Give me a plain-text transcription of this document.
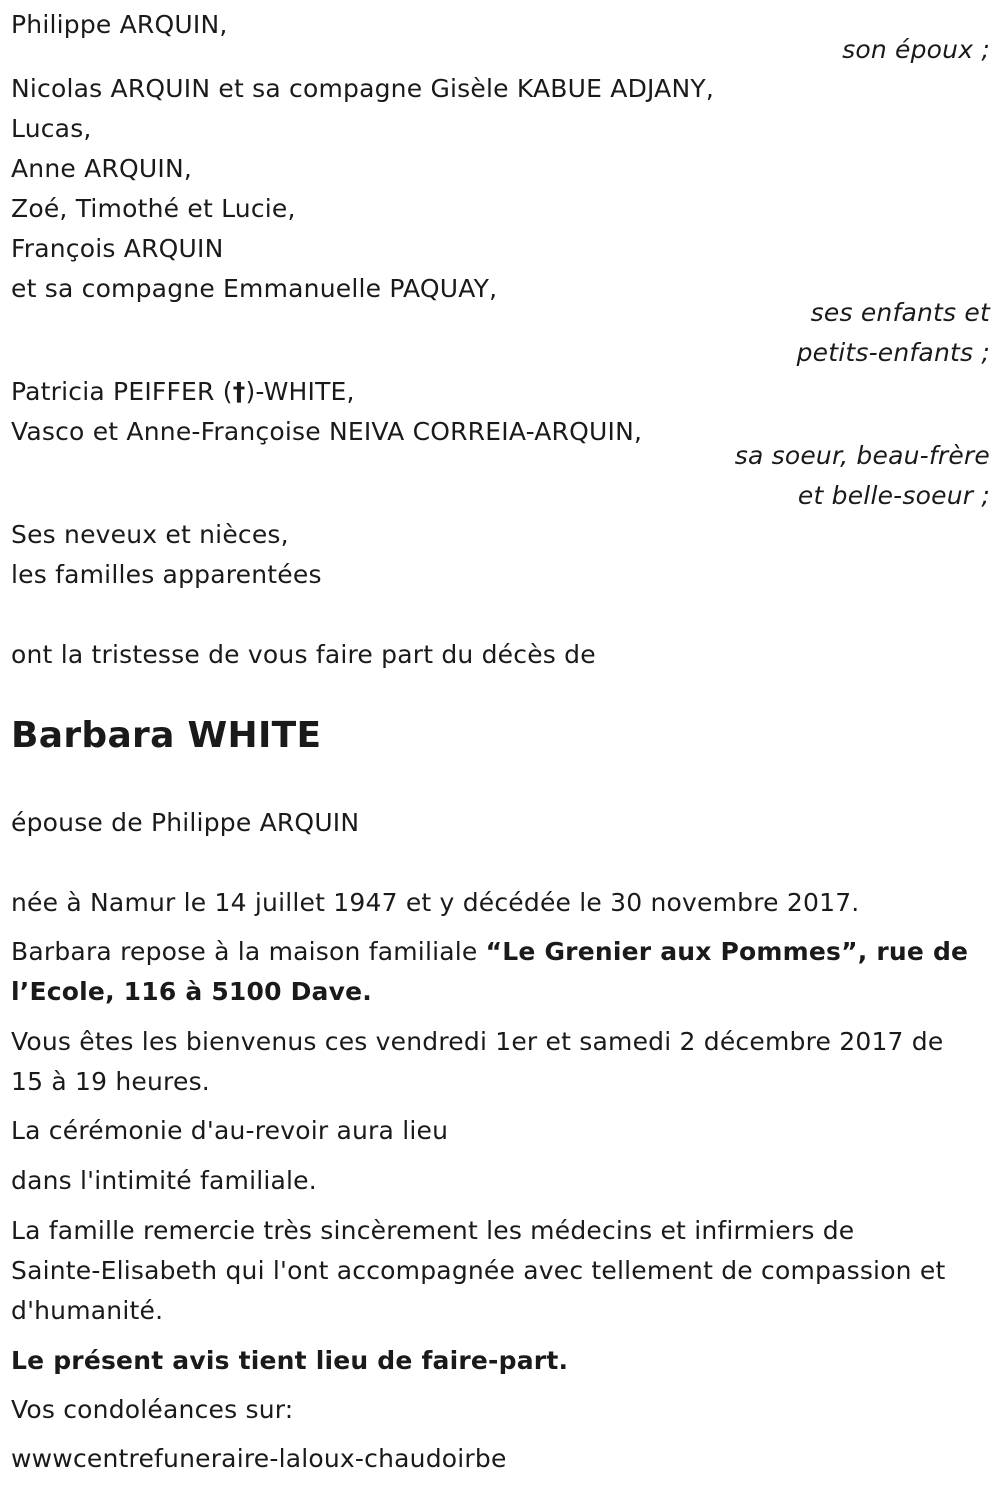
Philippe ARQUIN,
son époux ;
Nicolas ARQUIN et sa compagne Gisèle KABUE ADJANY,
Lucas,
Anne ARQUIN,
Zoé, Timothé et Lucie,
François ARQUIN
et sa compagne Emmanuelle PAQUAY,
ses enfants et
petits-enfants ;
Patricia PEIFFER (†)-WHITE,
Vasco et Anne-Françoise NEIVA CORREIA-ARQUIN,
sa soeur, beau-frère
et belle-soeur ;
Ses neveux et nièces,
les familles apparentées
ont la tristesse de vous faire part du décès de
Barbara WHITE
épouse de Philippe ARQUIN
née à Namur le 14 juillet 1947 et y décédée le 30 novembre 2017.
Barbara repose à la maison familiale “Le Grenier aux Pommes”, rue de
l’Ecole, 116 à 5100 Dave.
Vous êtes les bienvenus ces vendredi 1er et samedi 2 décembre 2017 de
15 à 19 heures.
La cérémonie d'au-revoir aura lieu
dans l'intimité familiale.
La famille remercie très sincèrement les médecins et infirmiers de
Sainte-Elisabeth qui l'ont accompagnée avec tellement de compassion et
d'humanité.
Le présent avis tient lieu de faire-part.
Vos condoléances sur:
wwwcentrefuneraire-laloux-chaudoirbe
